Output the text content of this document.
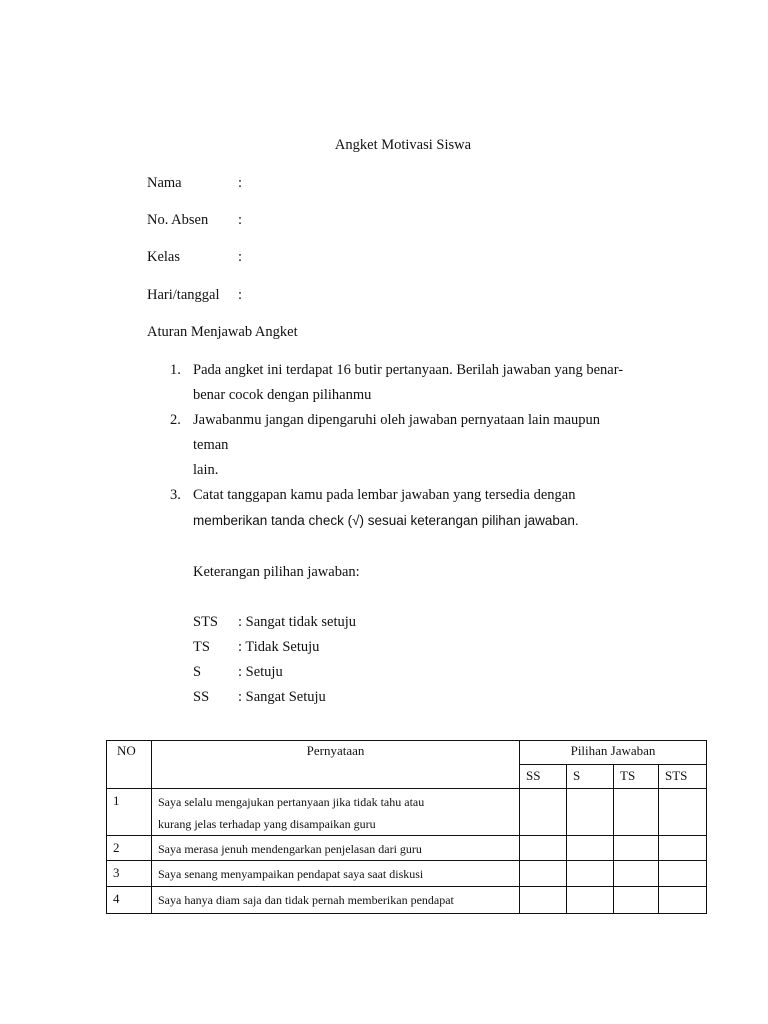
Angket Motivasi Siswa
Nama	:
No. Absen :
Kelas	:
Hari/tanggal :
Aturan Menjawab Angket
1. Pada angket ini terdapat 16 butir pertanyaan. Berilah jawaban yang benar-
benar cocok dengan pilihanmu
2. Jawabanmu jangan dipengaruhi oleh jawaban pernyataan lain maupun
teman
lain.
3. Catat tanggapan kamu pada lembar jawaban yang tersedia dengan
memberikan tanda check (√) sesuai keterangan pilihan jawaban.
Keterangan pilihan jawaban:
STS : Sangat tidak setuju
TS : Tidak Setuju
S	: Setuju
SS : Sangat Setuju
NO	Pernyataan	Pilihan Jawaban			
		SS	S	TS	STS
1	Saya selalu mengajukan pertanyaan jika tidak tahu atau
kurang jelas terhadap yang disampaikan guru				

2	Saya merasa jenuh mendengarkan penjelasan dari guru				

3	Saya senang menyampaikan pendapat saya saat diskusi				

4	Saya hanya diam saja dan tidak pernah memberikan pendapat				
